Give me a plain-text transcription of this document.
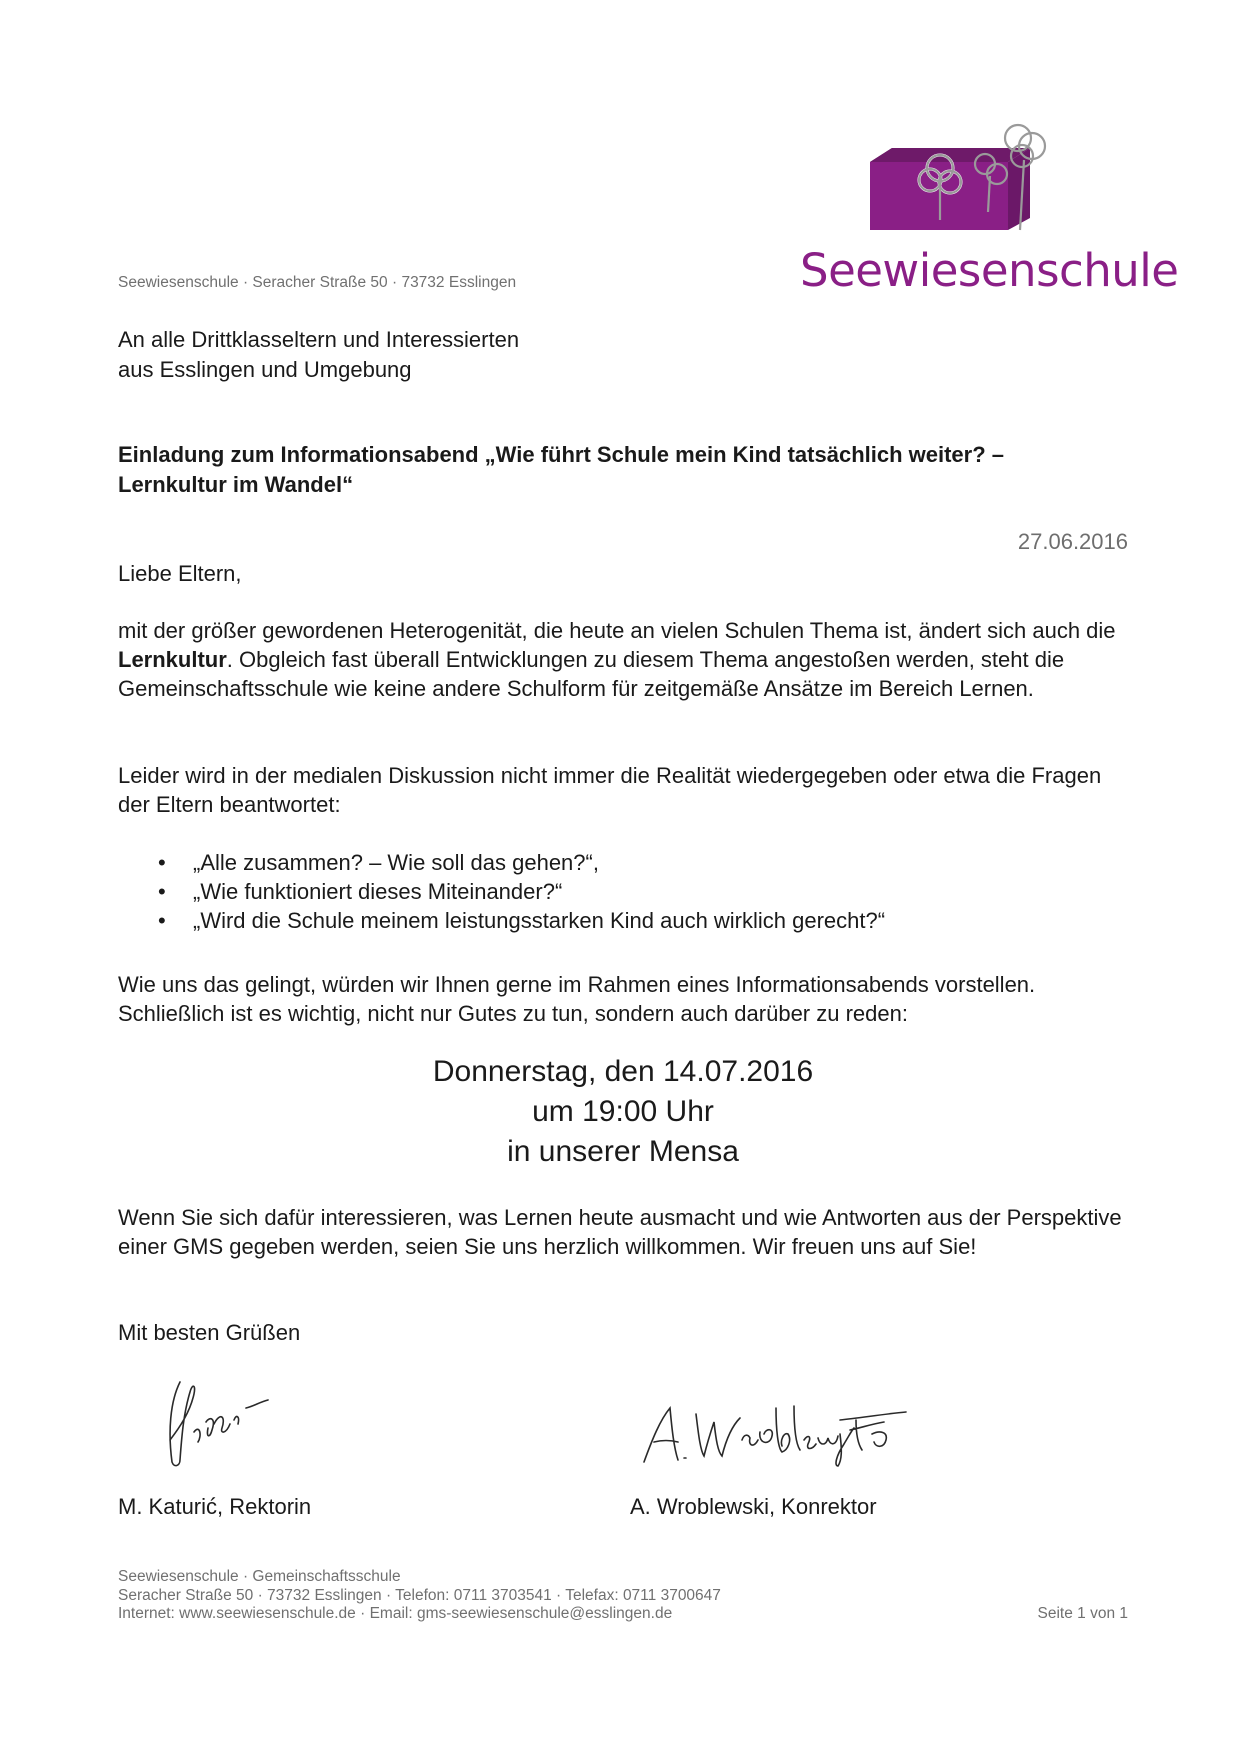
Seewiesenschule
Seewiesenschule · Seracher Straße 50 · 73732 Esslingen
An alle Drittklasseltern und Interessierten
aus Esslingen und Umgebung
Einladung zum Informationsabend „Wie führt Schule mein Kind tatsächlich weiter? –
Lernkultur im Wandel“
27.06.2016
Liebe Eltern,
mit der größer gewordenen Heterogenität, die heute an vielen Schulen Thema ist, ändert sich auch die Lernkultur. Obgleich fast überall Entwicklungen zu diesem Thema angestoßen werden, steht die Gemeinschaftsschule wie keine andere Schulform für zeitgemäße Ansätze im Bereich Lernen.
Leider wird in der medialen Diskussion nicht immer die Realität wiedergegeben oder etwa die Fragen der Eltern beantwortet:
• „Alle zusammen? – Wie soll das gehen?“,
• „Wie funktioniert dieses Miteinander?“
• „Wird die Schule meinem leistungsstarken Kind auch wirklich gerecht?“
Wie uns das gelingt, würden wir Ihnen gerne im Rahmen eines Informationsabends vorstellen. Schließlich ist es wichtig, nicht nur Gutes zu tun, sondern auch darüber zu reden:
Donnerstag, den 14.07.2016
um 19:00 Uhr
in unserer Mensa
Wenn Sie sich dafür interessieren, was Lernen heute ausmacht und wie Antworten aus der Perspektive einer GMS gegeben werden, seien Sie uns herzlich willkommen. Wir freuen uns auf Sie!
Mit besten Grüßen
M. Katurić, Rektorin	A. Wroblewski, Konrektor
Seewiesenschule · Gemeinschaftsschule
Seracher Straße 50 · 73732 Esslingen · Telefon: 0711 3703541 · Telefax: 0711 3700647
Internet: www.seewiesenschule.de · Email: gms-seewiesenschule@esslingen.de	Seite 1 von 1
